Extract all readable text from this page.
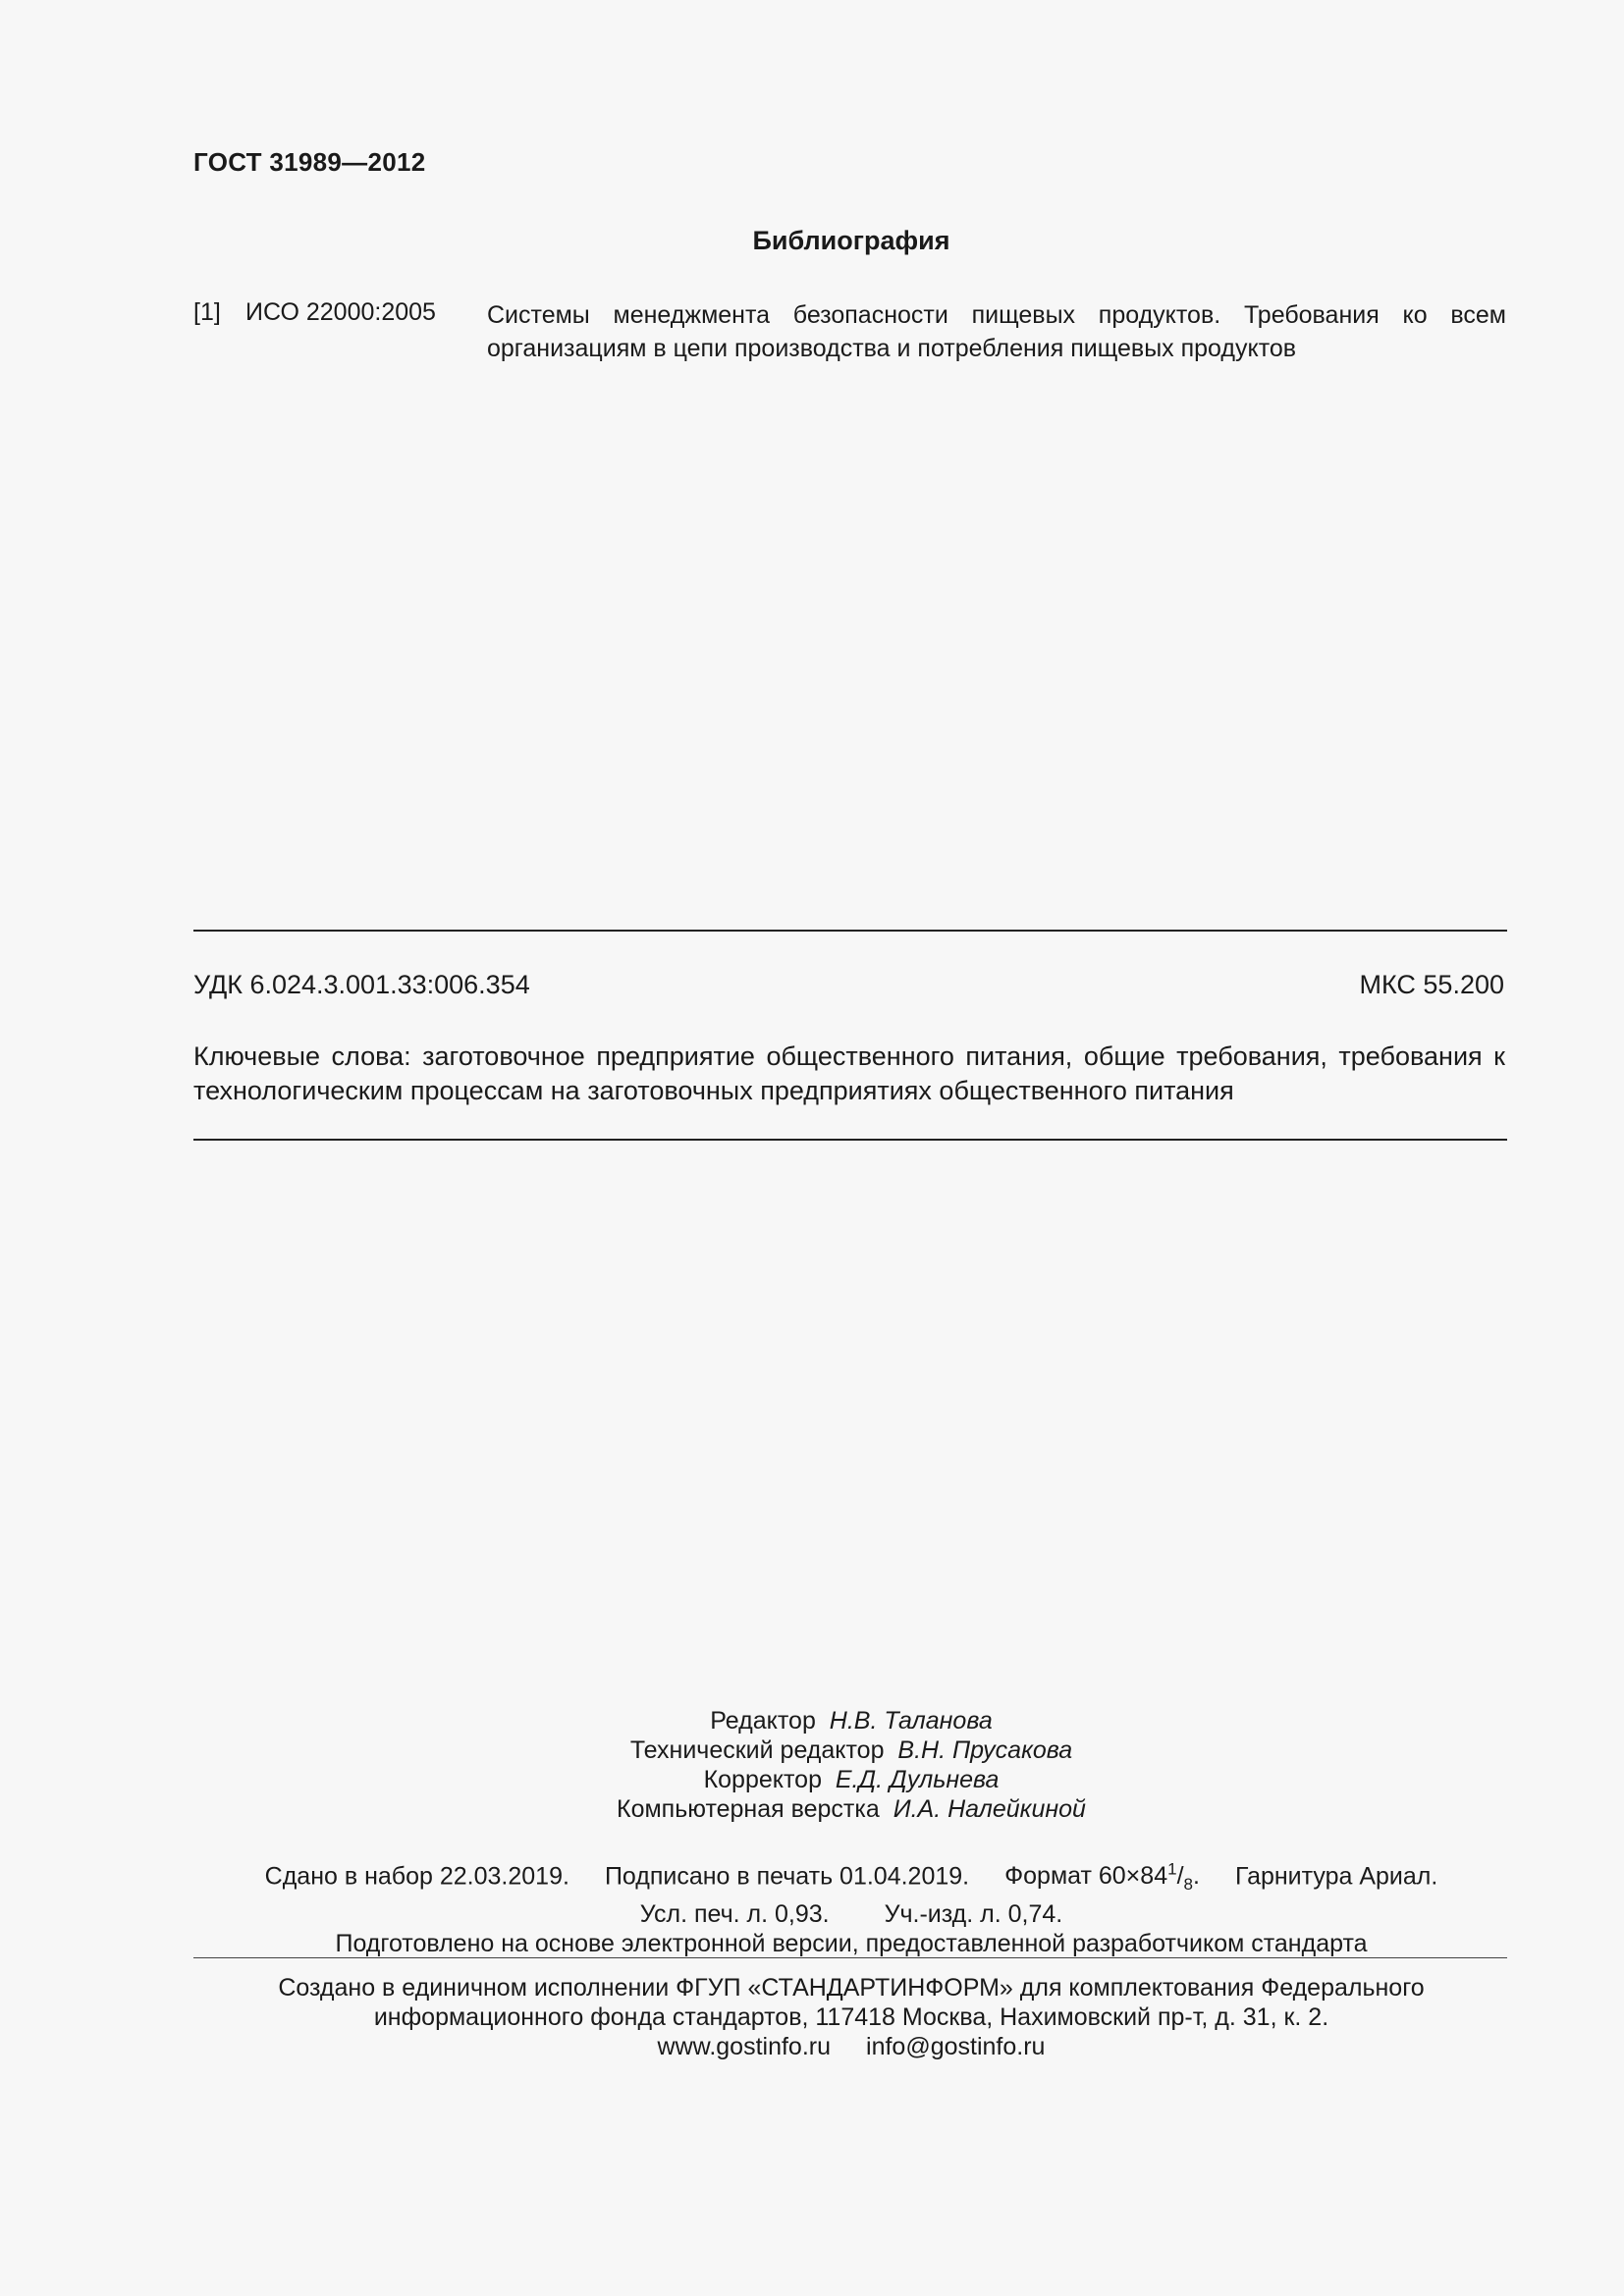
ГОСТ 31989—2012
Библиография
[1] ИСО 22000:2005 Системы менеджмента безопасности пищевых продуктов. Требования ко всем организациям в цепи производства и потребления пищевых продуктов
УДК 6.024.3.001.33:006.354	МКС 55.200
Ключевые слова: заготовочное предприятие общественного питания, общие требования, требования к технологическим процессам на заготовочных предприятиях общественного питания
Редактор Н.В. Таланова
Технический редактор В.Н. Прусакова
Корректор Е.Д. Дульнева
Компьютерная верстка И.А. Налейкиной
Сдано в набор 22.03.2019. Подписано в печать 01.04.2019. Формат $60\times 84^1/_8$. Гарнитура Ариал.
Усл. печ. л. 0,93. Уч.-изд. л. 0,74.
Подготовлено на основе электронной версии, предоставленной разработчиком стандарта
Создано в единичном исполнении ФГУП «СТАНДАРТИНФОРМ» для комплектования Федерального
информационного фонда стандартов, 117418 Москва, Нахимовский пр-т, д. 31, к. 2.
www.gostinfo.ru info@gostinfo.ru
